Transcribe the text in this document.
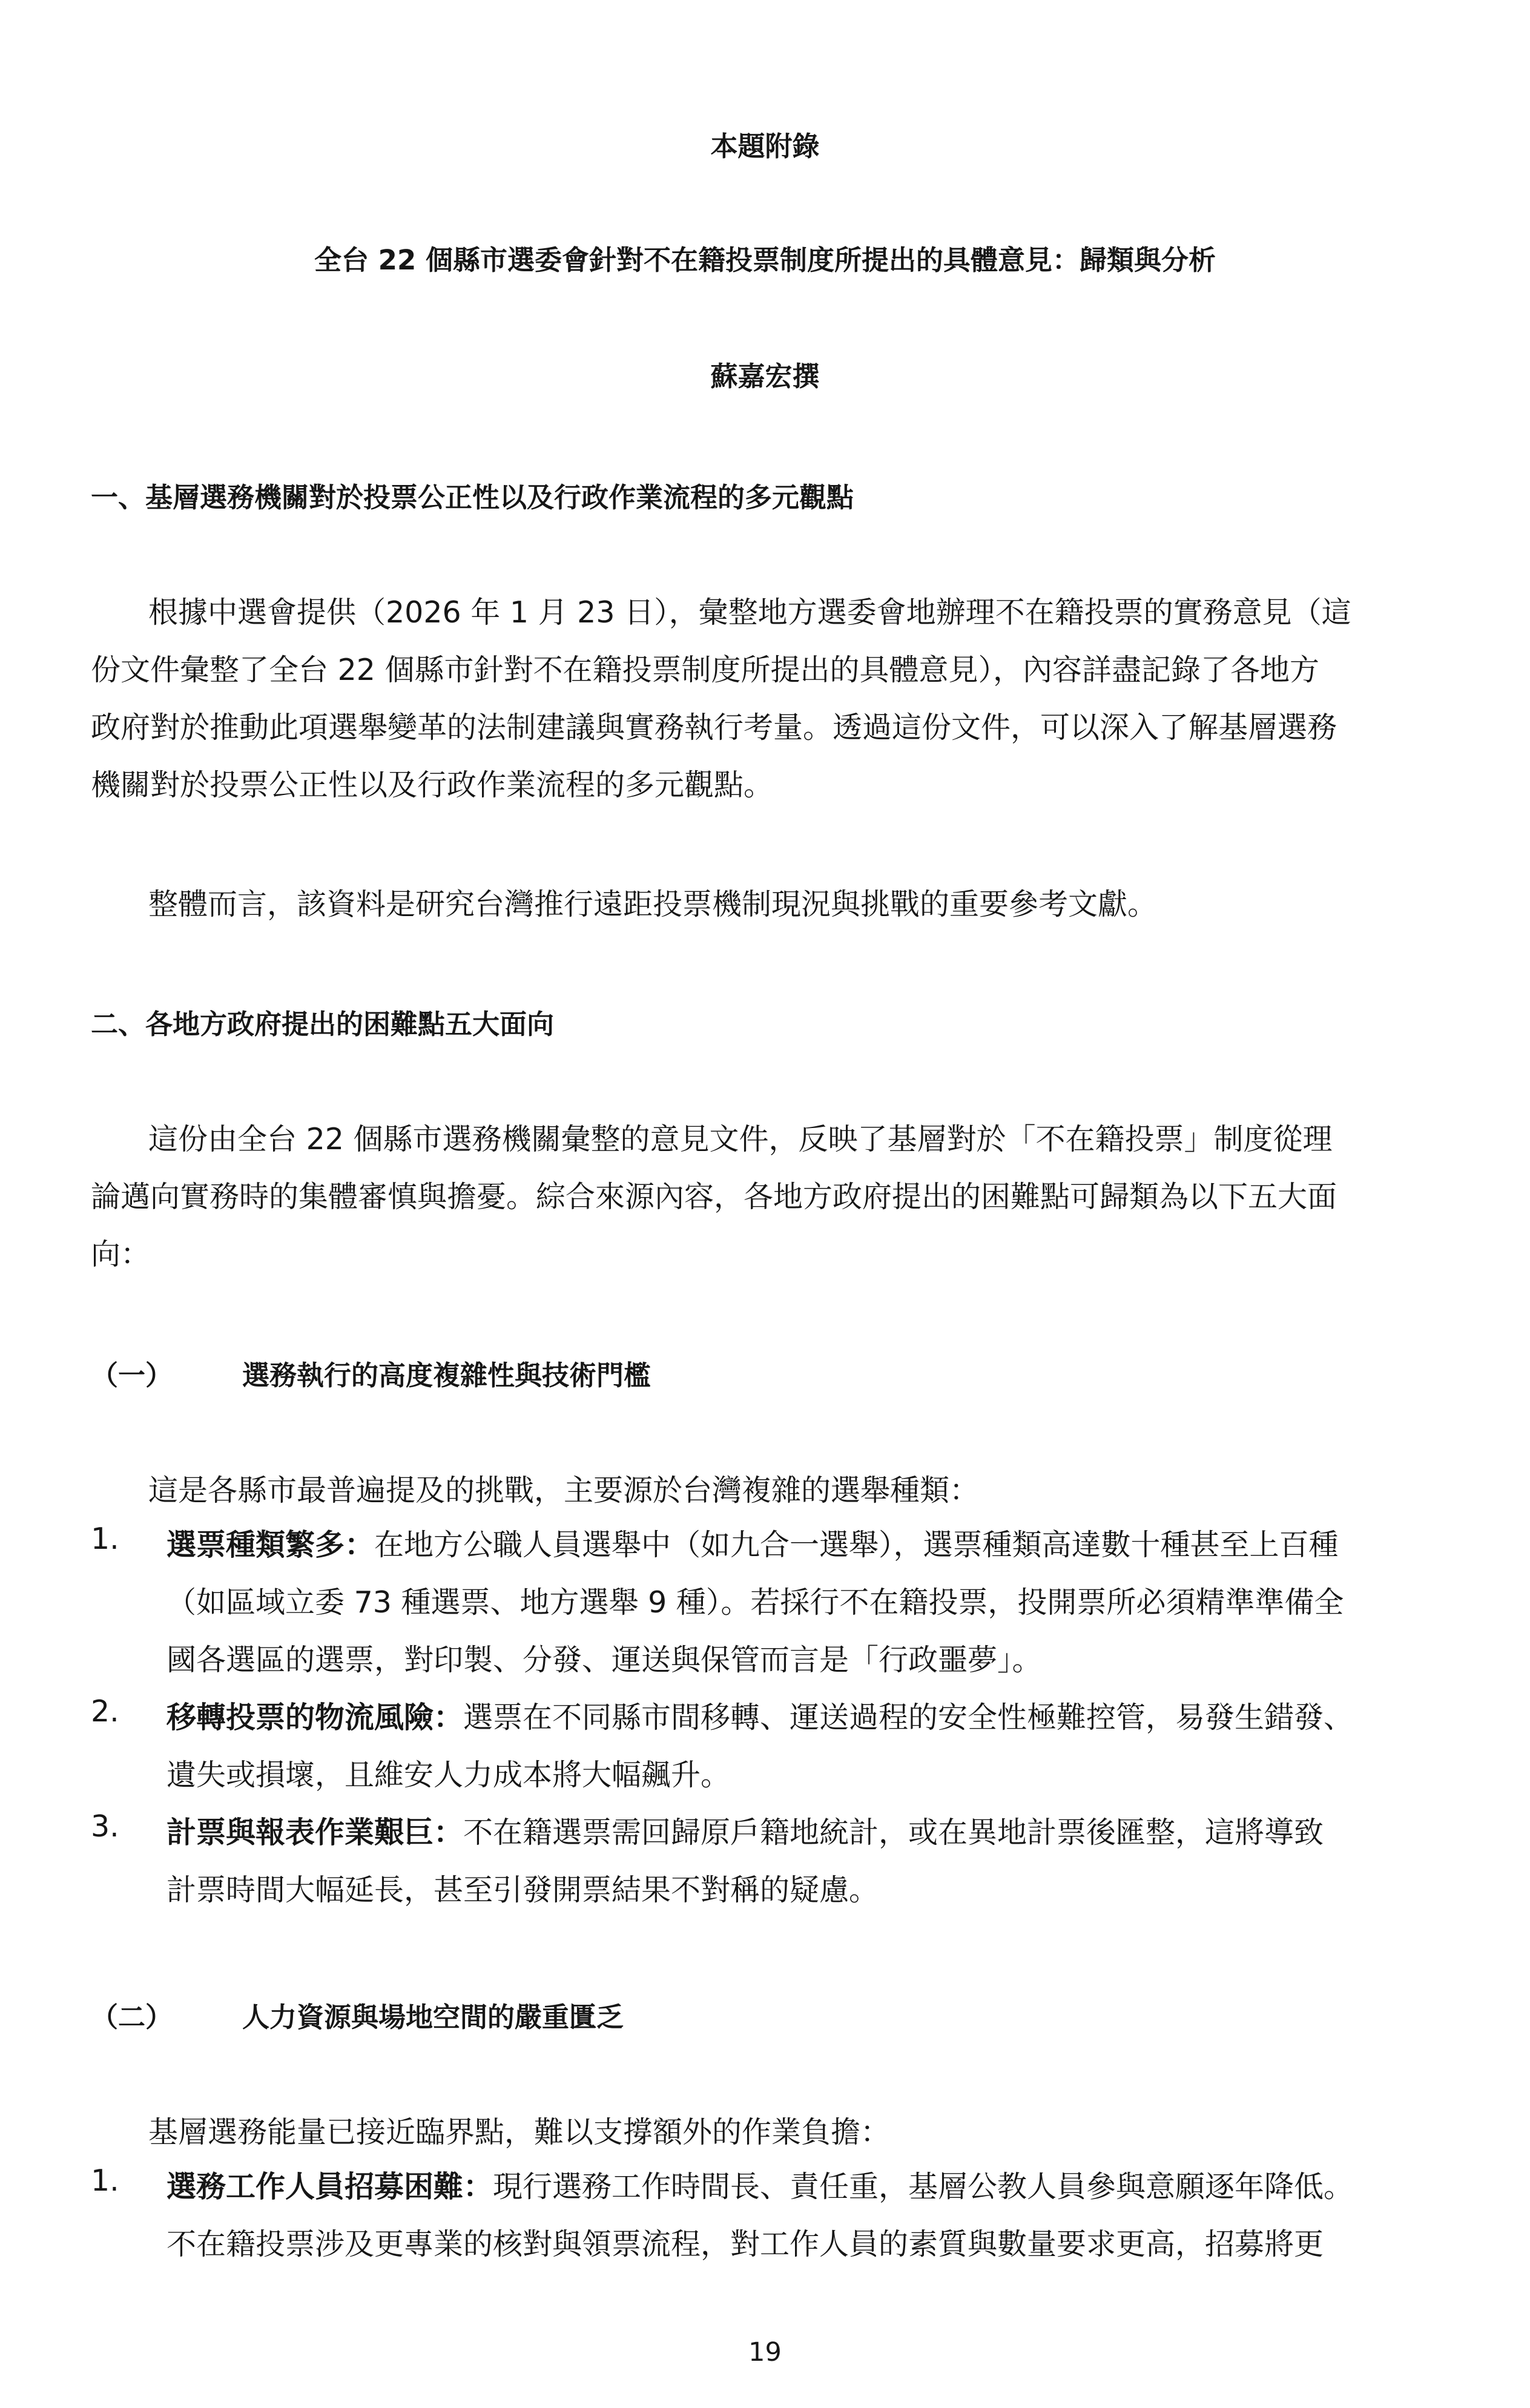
本題附錄
全台 22 個縣市選委會針對不在籍投票制度所提出的具體意見：歸類與分析
蘇嘉宏撰
一、基層選務機關對於投票公正性以及行政作業流程的多元觀點
根據中選會提供（2026 年 1 月 23 日），彙整地方選委會地辦理不在籍投票的實務意見（這
份文件彙整了全台 22 個縣市針對不在籍投票制度所提出的具體意見），內容詳盡記錄了各地方
政府對於推動此項選舉變革的法制建議與實務執行考量。透過這份文件，可以深入了解基層選務
機關對於投票公正性以及行政作業流程的多元觀點。
整體而言，該資料是研究台灣推行遠距投票機制現況與挑戰的重要參考文獻。
二、各地方政府提出的困難點五大面向
這份由全台 22 個縣市選務機關彙整的意見文件，反映了基層對於「不在籍投票」制度從理
論邁向實務時的集體審慎與擔憂。綜合來源內容，各地方政府提出的困難點可歸類為以下五大面
向：
（一）	選務執行的高度複雜性與技術門檻
這是各縣市最普遍提及的挑戰，主要源於台灣複雜的選舉種類：
1. 選票種類繁多：在地方公職人員選舉中（如九合一選舉），選票種類高達數十種甚至上百種
（如區域立委 73 種選票、地方選舉 9 種）。若採行不在籍投票，投開票所必須精準準備全
國各選區的選票，對印製、分發、運送與保管而言是「行政噩夢」。
2. 移轉投票的物流風險：選票在不同縣市間移轉、運送過程的安全性極難控管，易發生錯發、
遺失或損壞，且維安人力成本將大幅飆升。
3. 計票與報表作業艱巨：不在籍選票需回歸原戶籍地統計，或在異地計票後匯整，這將導致
計票時間大幅延長，甚至引發開票結果不對稱的疑慮。
（二）	人力資源與場地空間的嚴重匱乏
基層選務能量已接近臨界點，難以支撐額外的作業負擔：
1. 選務工作人員招募困難：現行選務工作時間長、責任重，基層公教人員參與意願逐年降低。
不在籍投票涉及更專業的核對與領票流程，對工作人員的素質與數量要求更高，招募將更
19
